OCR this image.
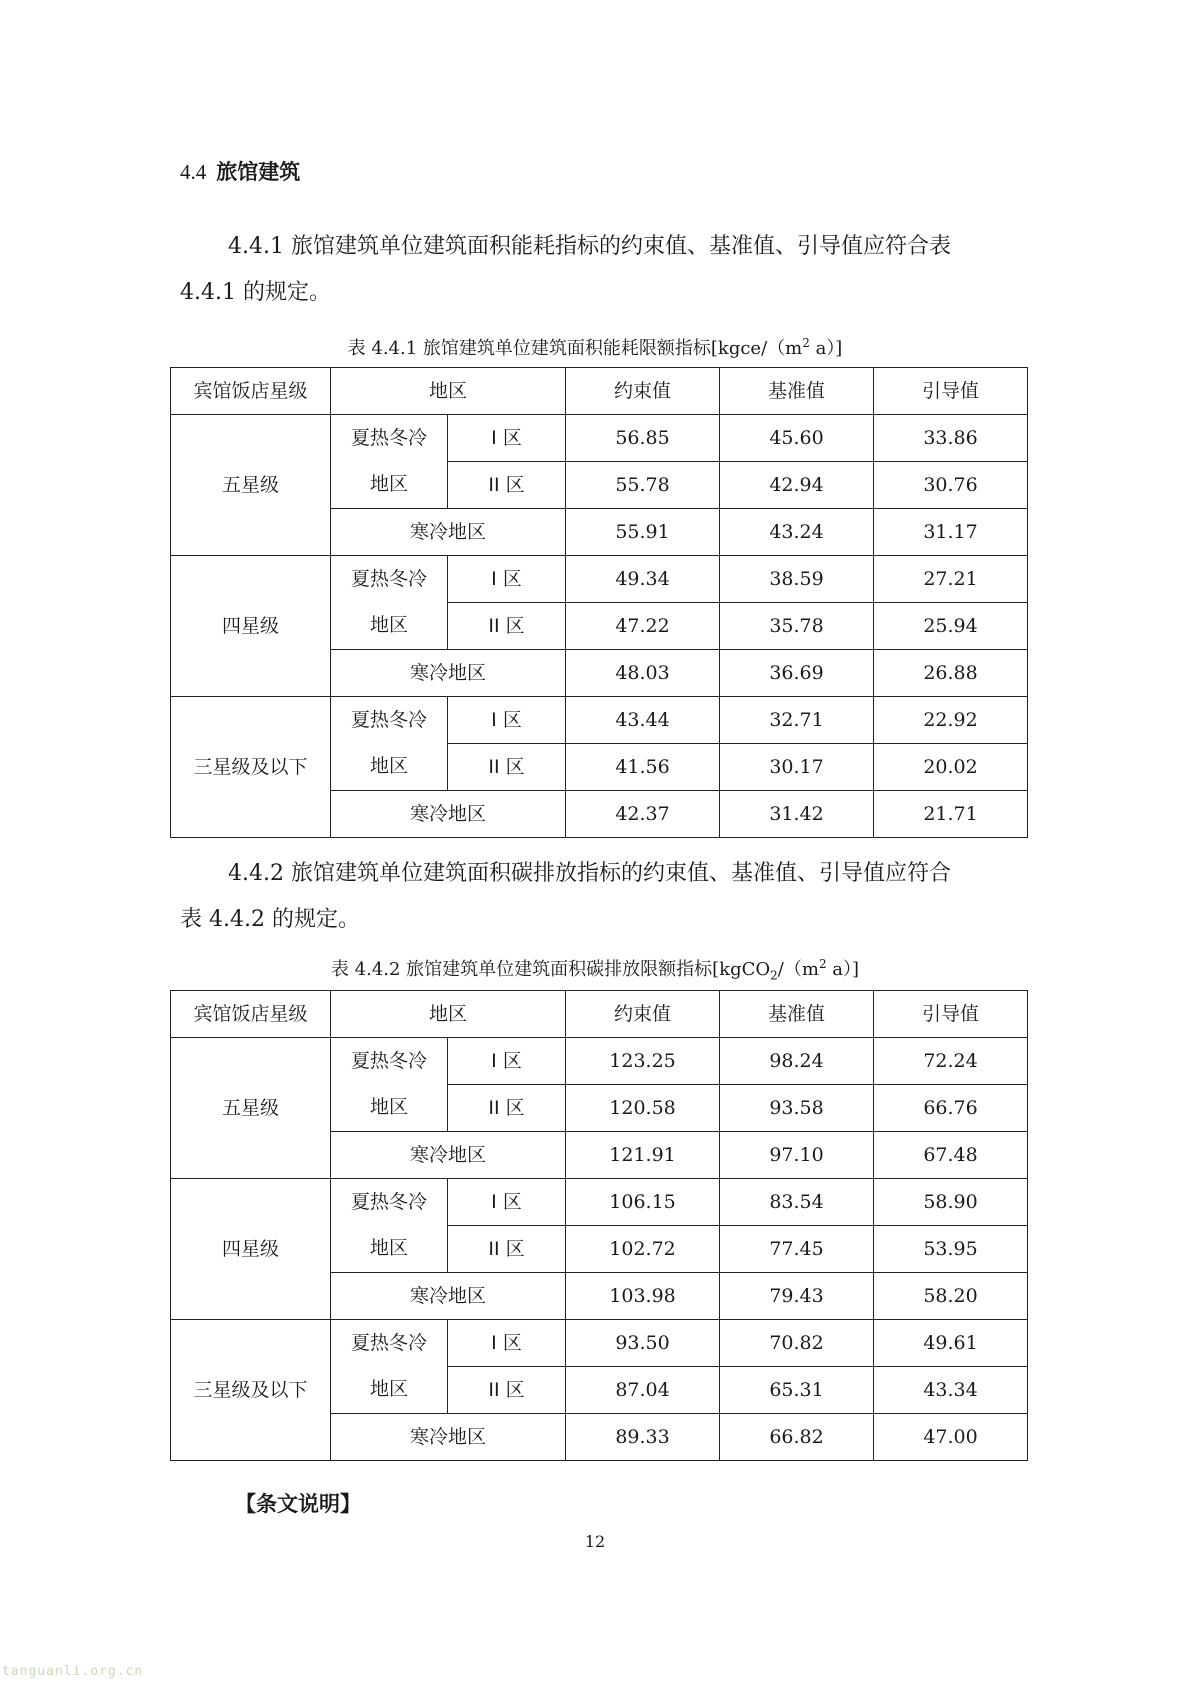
4.4 旅馆建筑
4.4.1 旅馆建筑单位建筑面积能耗指标的约束值、基准值、引导值应符合表
4.4.1 的规定。
表 4.4.1 旅馆建筑单位建筑面积能耗限额指标[$kgce/(m^2$ a）]
宾馆饭店星级	地区		约束值	基准值	引导值
五星级	夏热冬冷	I 区	56.85	45.60	33.86
	地区	II 区	55.78	42.94	30.76
	寒冷地区		55.91	43.24	31.17
四星级	夏热冬冷	I 区	49.34	38.59	27.21
	地区	II 区	47.22	35.78	25.94
	寒冷地区		48.03	36.69	26.88
三星级及以下	夏热冬冷	I 区	43.44	32.71	22.92
	地区	II 区	41.56	30.17	20.02
	寒冷地区		42.37	31.42	21.71
4.4.2 旅馆建筑单位建筑面积碳排放指标的约束值、基准值、引导值应符合
表 4.4.2 的规定。
表 4.4.2 旅馆建筑单位建筑面积碳排放限额指标[$kgCO_2/(m^2$ a）]
宾馆饭店星级	地区		约束值	基准值	引导值
五星级	夏热冬冷	I 区	123.25	98.24	72.24
	地区	II 区	120.58	93.58	66.76
	寒冷地区		121.91	97.10	67.48
四星级	夏热冬冷	I 区	106.15	83.54	58.90
	地区	II 区	102.72	77.45	53.95
	寒冷地区		103.98	79.43	58.20
三星级及以下	夏热冬冷	I 区	93.50	70.82	49.61
	地区	II 区	87.04	65.31	43.34
	寒冷地区		89.33	66.82	47.00
【条文说明】
12
tanguanli.org.cn
